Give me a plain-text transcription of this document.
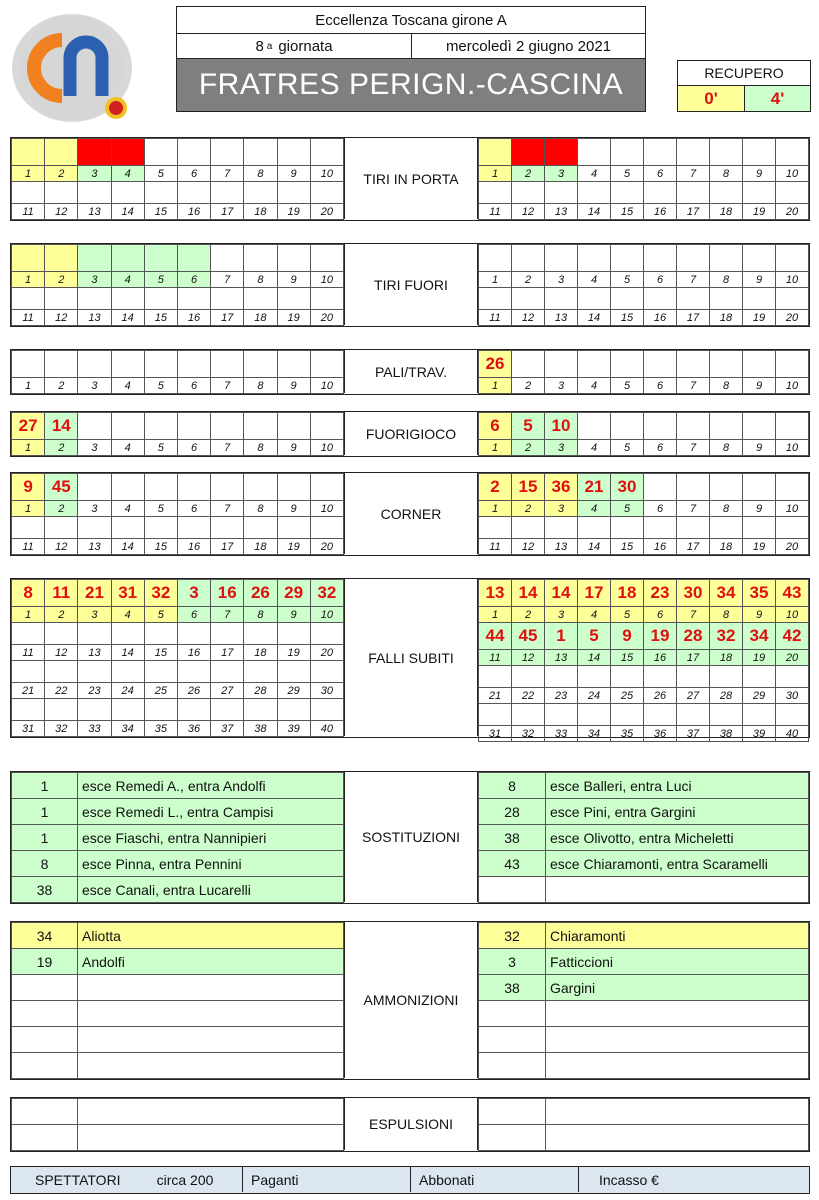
Eccellenza Toscana girone A
8 a giornata	mercoledì 2 giugno 2021
FRATRES PERIGN.-CASCINA	RECUPERO
0'	4'

1	2	3	4	5	6	7	8	9	10

11	12	13	14	15	16	17	18	19	20

1	2	3	4	5	6	7	8	9	10

11	12	13	14	15	16	17	18	19	20
TIRI IN PORTA

1	2	3	4	5	6	7	8	9	10

11	12	13	14	15	16	17	18	19	20

1	2	3	4	5	6	7	8	9	10

11	12	13	14	15	16	17	18	19	20
TIRI FUORI

1	2	3	4	5	6	7	8	9	10
26									
1	2	3	4	5	6	7	8	9	10
PALI/TRAV.
27	14								
1	2	3	4	5	6	7	8	9	10
6	5	10							
1	2	3	4	5	6	7	8	9	10
FUORIGIOCO
9	45								
1	2	3	4	5	6	7	8	9	10

11	12	13	14	15	16	17	18	19	20
2	15	36	21	30					
1	2	3	4	5	6	7	8	9	10

11	12	13	14	15	16	17	18	19	20
CORNER
8	11	21	31	32	3	16	26	29	32
1	2	3	4	5	6	7	8	9	10

11	12	13	14	15	16	17	18	19	20

21	22	23	24	25	26	27	28	29	30

31	32	33	34	35	36	37	38	39	40
13	14	14	17	18	23	30	34	35	43
1	2	3	4	5	6	7	8	9	10
44	45	1	5	9	19	28	32	34	42
11	12	13	14	15	16	17	18	19	20

21	22	23	24	25	26	27	28	29	30

31	32	33	34	35	36	37	38	39	40
FALLI SUBITI
1	esce Remedi A., entra Andolfi
1	esce Remedi L., entra Campisi
1	esce Fiaschi, entra Nannipieri
8	esce Pinna, entra Pennini
38	esce Canali, entra Lucarelli
SOSTITUZIONI
8	esce Balleri, entra Luci
28	esce Pini, entra Gargini
38	esce Olivotto, entra Micheletti
43	esce Chiaramonti, entra Scaramelli

34	Aliotta
19	Andolfi

AMMONIZIONI
32	Chiaramonti
3	Fatticcioni
38	Gargini

ESPULSIONI

SPETTATORI	circa 200	Paganti	Abbonati	Incasso €
